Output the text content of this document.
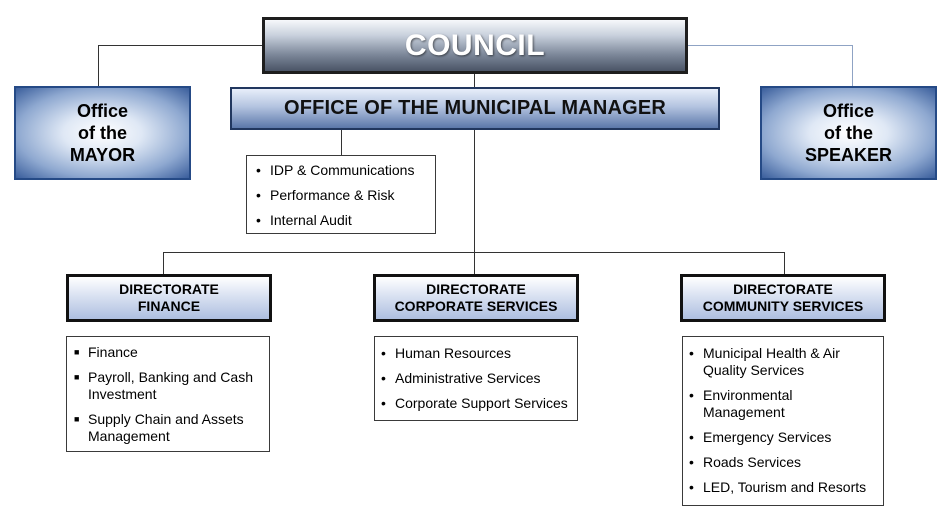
COUNCIL
OFFICE OF THE MUNICIPAL MANAGER
Office
of the
MAYOR
Office
of the
SPEAKER
• IDP & Communications
• Performance & Risk
• Internal Audit
DIRECTORATE
FINANCE
DIRECTORATE
CORPORATE SERVICES
DIRECTORATE
COMMUNITY SERVICES
■ Finance
■ Payroll, Banking and Cash Investment
■ Supply Chain and Assets Management
• Human Resources
• Administrative Services
• Corporate Support Services
• Municipal Health & Air Quality Services
• Environmental Management
• Emergency Services
• Roads Services
• LED, Tourism and Resorts
